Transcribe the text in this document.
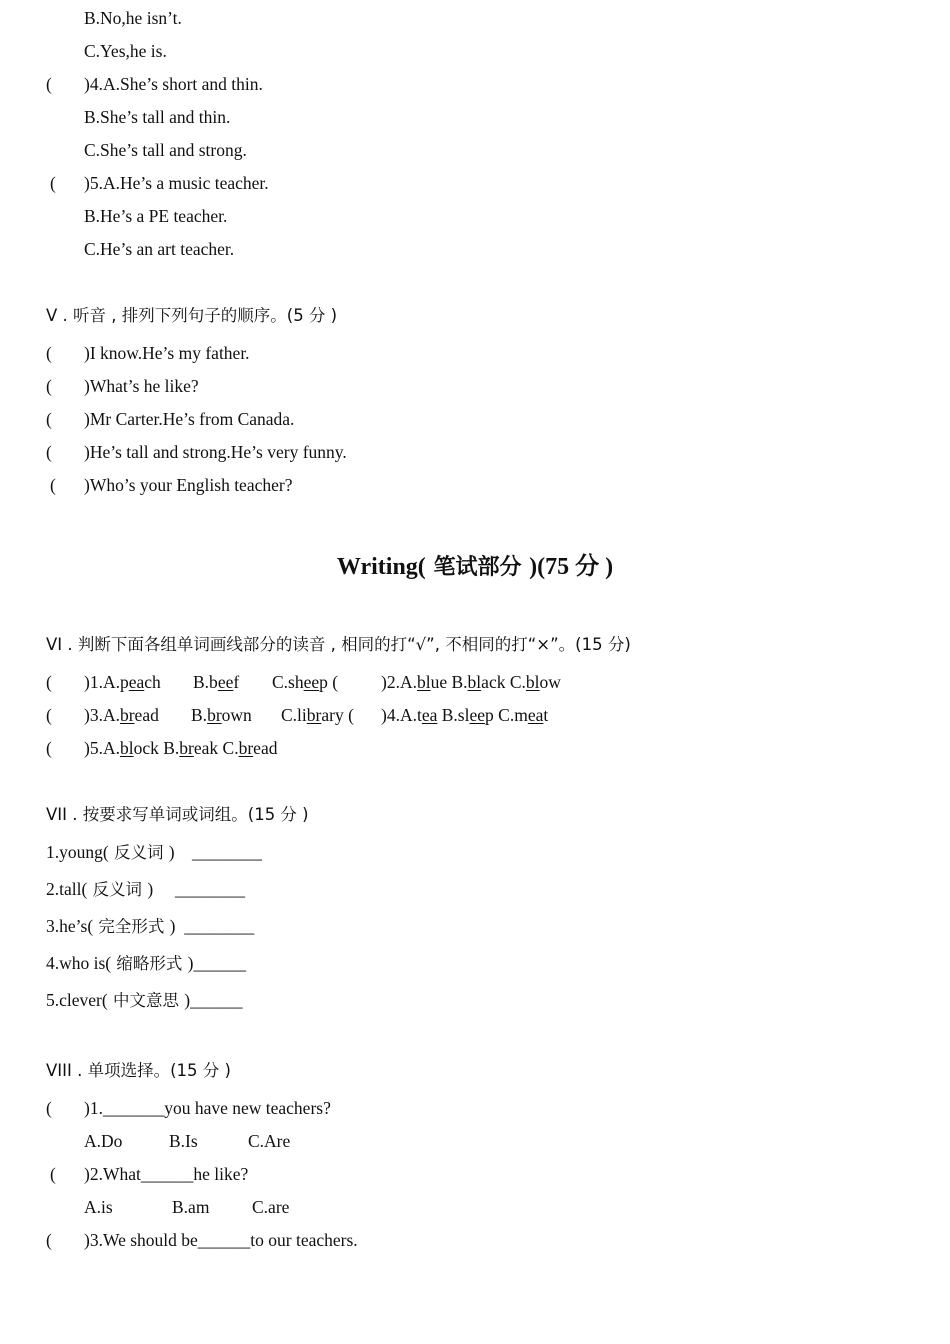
B.No,he isn’t.
C.Yes,he is.
( )4.A.She’s short and thin.
B.She’s tall and thin.
C.She’s tall and strong.
( )5.A.He’s a music teacher.
B.He’s a PE teacher.
C.He’s an art teacher.
V . 听音 , 排列下列句子的顺序。(5 分 )
( )I know.He’s my father.
( )What’s he like?
( )Mr Carter.He’s from Canada.
( )He’s tall and strong.He’s very funny.
( )Who’s your English teacher?
Writing( 笔试部分 )(75 分 )
VI . 判断下面各组单词画线部分的读音 , 相同的打“√”, 不相同的打“×”。(15 分)
( )1.A.peach B.beef C.sheep ( )2.A.blue B.black C.blow
( )3.A.bread B.brown C.library ( )4.A.tea B.sleep C.meat
( )5.A.block B.break C.bread
VII . 按要求写单词或词组。(15 分 )
1.young( 反义词 ) ________
2.tall( 反义词 ) ________
3.he’s( 完全形式 ) ________
4.who is( 缩略形式 )______
5.clever( 中文意思 )______
VIII . 单项选择。(15 分 )
( )1._______you have new teachers?
A.Do	B.Is	C.Are
( )2.What______he like?
A.is	B.am C.are
( )3.We should be______to our teachers.
